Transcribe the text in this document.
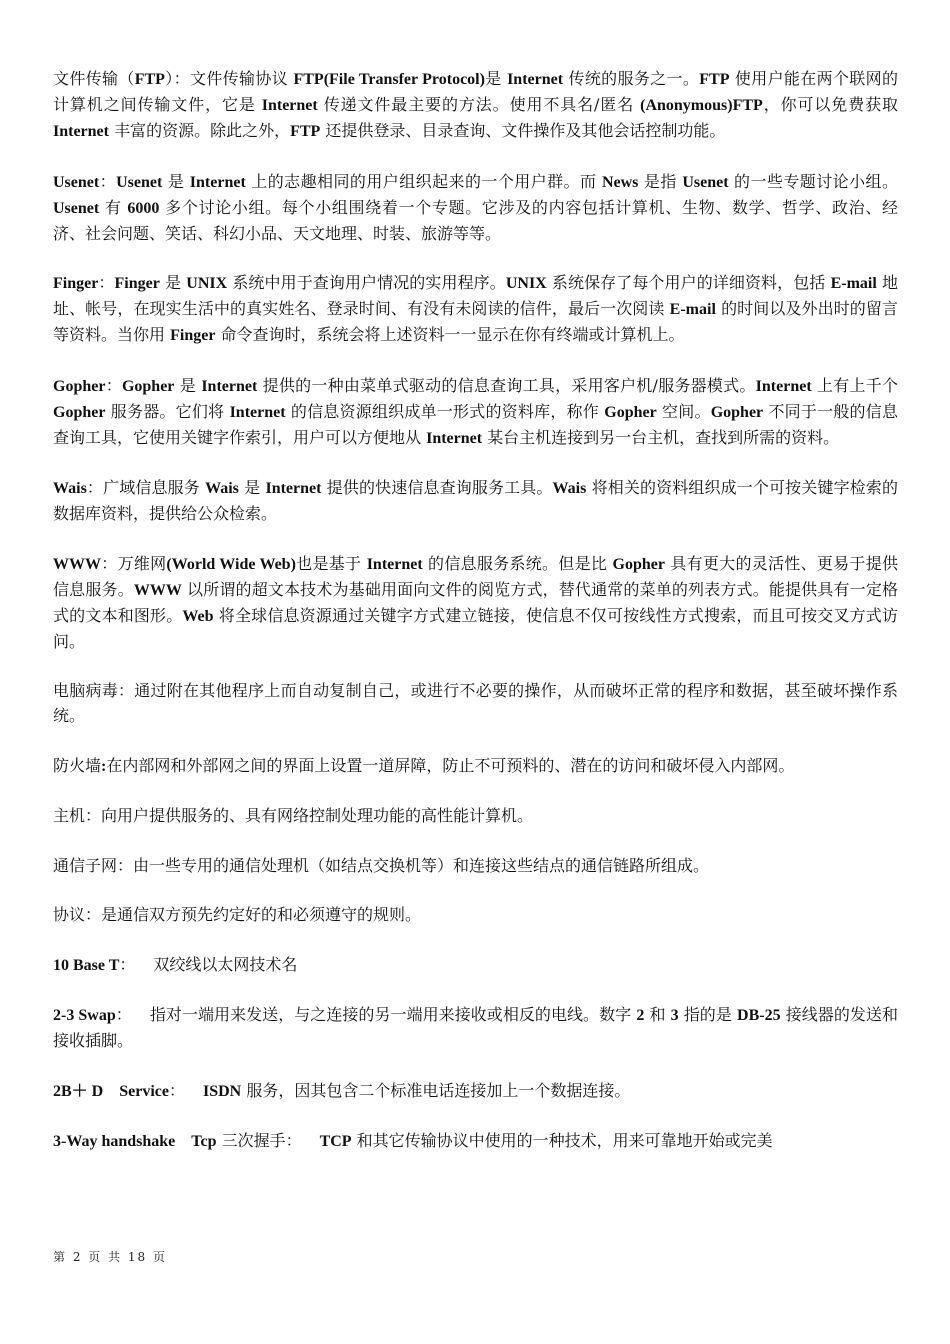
文件传输（FTP）：文件传输协议 FTP(File Transfer Protocol)是 Internet 传统的服务之一。FTP 使用户能在两个联网的计算机之间传输文件，它是 Internet 传递文件最主要的方法。使用不具名/匿名 (Anonymous)FTP，你可以免费获取 Internet 丰富的资源。除此之外，FTP 还提供登录、目录查询、文件操作及其他会话控制功能。

Usenet：Usenet 是 Internet 上的志趣相同的用户组织起来的一个用户群。而 News 是指 Usenet 的一些专题讨论小组。Usenet 有 6000 多个讨论小组。每个小组围绕着一个专题。它涉及的内容包括计算机、生物、数学、哲学、政治、经济、社会问题、笑话、科幻小品、天文地理、时装、旅游等等。

Finger：Finger 是 UNIX 系统中用于查询用户情况的实用程序。UNIX 系统保存了每个用户的详细资料，包括 E-mail 地址、帐号，在现实生活中的真实姓名、登录时间、有没有未阅读的信件，最后一次阅读 E-mail 的时间以及外出时的留言等资料。当你用 Finger 命令查询时，系统会将上述资料一一显示在你有终端或计算机上。

Gopher：Gopher 是 Internet 提供的一种由菜单式驱动的信息查询工具，采用客户机/服务器模式。Internet 上有上千个 Gopher 服务器。它们将 Internet 的信息资源组织成单一形式的资料库，称作 Gopher 空间。Gopher 不同于一般的信息查询工具，它使用关键字作索引，用户可以方便地从 Internet 某台主机连接到另一台主机，查找到所需的资料。

Wais：广域信息服务 Wais 是 Internet 提供的快速信息查询服务工具。Wais 将相关的资料组织成一个可按关键字检索的数据库资料，提供给公众检索。

WWW：万维网(World Wide Web)也是基于 Internet 的信息服务系统。但是比 Gopher 具有更大的灵活性、更易于提供信息服务。WWW 以所谓的超文本技术为基础用面向文件的阅览方式，替代通常的菜单的列表方式。能提供具有一定格式的文本和图形。Web 将全球信息资源通过关键字方式建立链接，使信息不仅可按线性方式搜索，而且可按交叉方式访问。

电脑病毒：通过附在其他程序上而自动复制自己，或进行不必要的操作，从而破坏正常的程序和数据，甚至破坏操作系统。

防火墙:在内部网和外部网之间的界面上设置一道屏障，防止不可预料的、潜在的访问和破坏侵入内部网。

主机：向用户提供服务的、具有网络控制处理功能的高性能计算机。

通信子网：由一些专用的通信处理机（如结点交换机等）和连接这些结点的通信链路所组成。

协议：是通信双方预先约定好的和必须遵守的规则。

10 Base T： 双绞线以太网技术名

2-3 Swap： 指对一端用来发送，与之连接的另一端用来接收或相反的电线。数字 2 和 3 指的是 DB-25 接线器的发送和接收插脚。

2B＋ D　Service： ISDN 服务，因其包含二个标准电话连接加上一个数据连接。

3-Way handshake　Tcp 三次握手： TCP 和其它传输协议中使用的一种技术，用来可靠地开始或完美

第 2 页 共 18 页
